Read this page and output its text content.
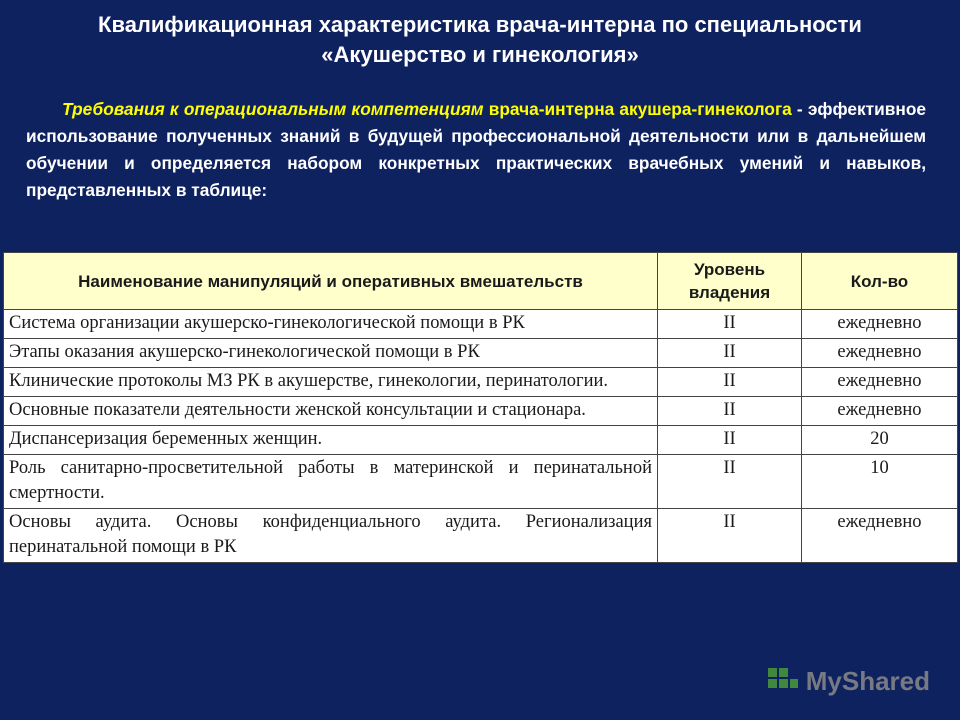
Квалификационная характеристика врача-интерна по специальности
«Акушерство и гинекология»
Требования к операциональным компетенциям врача-интерна акушера-гинеколога - эффективное использование полученных знаний в будущей профессиональной деятельности или в дальнейшем обучении и определяется набором конкретных практических врачебных умений и навыков, представленных в таблице:
Наименование манипуляций и оперативных вмешательств	Уровень владения	Кол-во
Система организации акушерско-гинекологической помощи в РК	II	ежедневно
Этапы оказания акушерско-гинекологической помощи в РК	II	ежедневно
Клинические протоколы МЗ РК в акушерстве, гинекологии, перинатологии.	II	ежедневно
Основные показатели деятельности женской консультации и стационара.	II	ежедневно
Диспансеризация беременных женщин.	II	20
Роль санитарно-просветительной работы в материнской и перинатальной смертности.	II	10
Основы аудита. Основы конфиденциального аудита. Регионализация перинатальной помощи в РК	II	ежедневно
MyShared
